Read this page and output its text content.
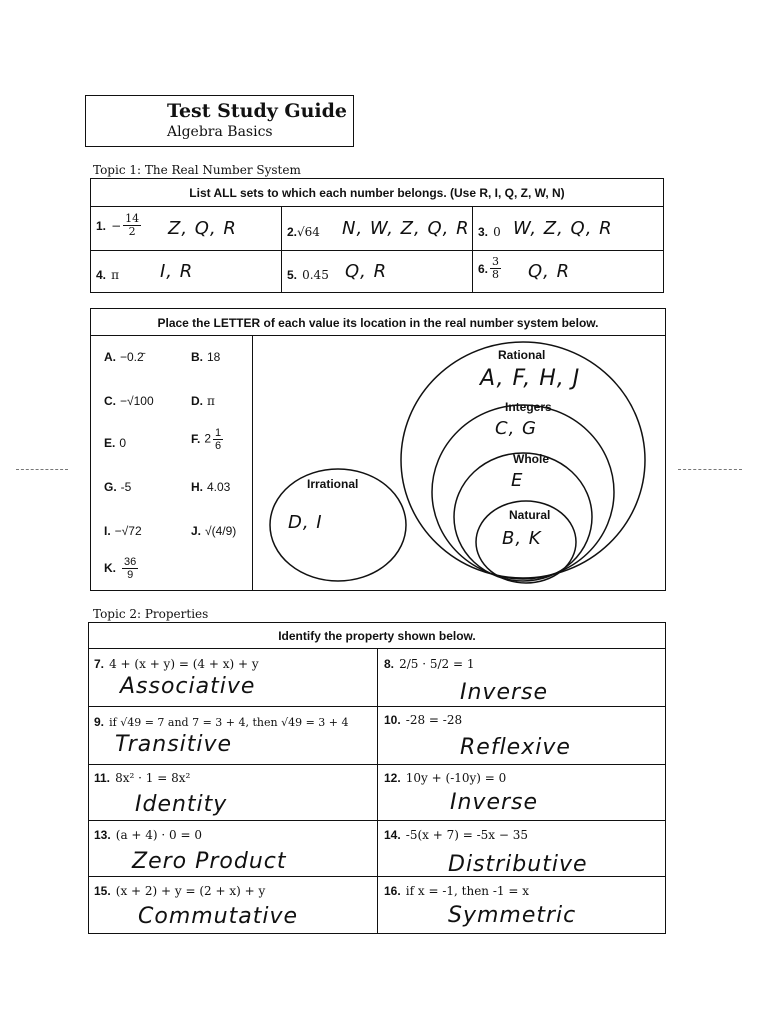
Test Study Guide
Algebra Basics
Topic 1: The Real Number System
List ALL sets to which each number belongs. (Use R, I, Q, Z, W, N)
1. − $\frac{14}{2} Z$, Q, R	2.√64 N, W, Z, Q, R 3. 0 W, Z, Q, R
4. π I, R	5. 0.45̄ Q, R	6. $\frac{3}{8} Q$, R
Place the LETTER of each value its location in the real number system below.
A. −0.2̄	B. 18
C. −√100	D. π
E. 0	F. $2 \frac{1}{6}$
G. -5	H. 4.03
I. −√72	J. √(4/9)
K. $\frac{36}{9}$
Rational
A, F, H, J
Integers
C, G
Whole
E
Natural
B, K
Irrational
D, I
Topic 2: Properties
Identify the property shown below.
7. 4 + (x + y) = (4 + x) + y
Associative
8. 2/5 · 5/2 = 1
Inverse
9. if √49 = 7 and 7 = 3 + 4, then √49 = 3 + 4
Transitive
10. -28 = -28
Reflexive
11. 8x² · 1 = 8x²
Identity
12. 10y + (-10y) = 0
Inverse
13. (a + 4) · 0 = 0
Zero Product
14. -5(x + 7) = -5x − 35
Distributive
15. (x + 2) + y = (2 + x) + y
Commutative
16. if x = -1, then -1 = x
Symmetric
